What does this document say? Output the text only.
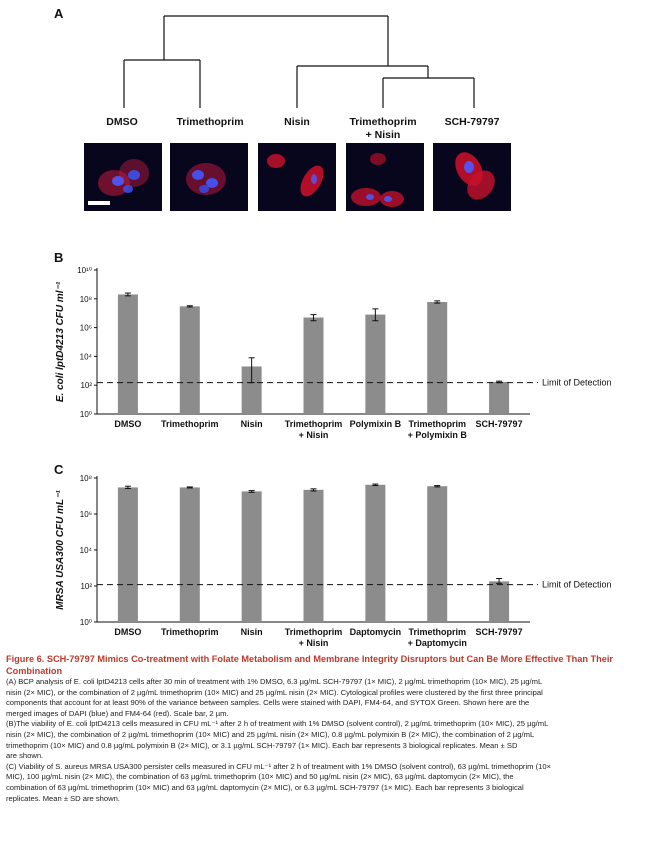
A
DMSO	Trimethoprim	Nisin	Trimethoprim
+ Nisin
SCH-79797
B
10⁰
10²
10⁴
10⁶
10⁸
10¹⁰
E. coli lptD4213 CFU ml⁻¹
DMSO Trimethoprim Nisin Trimethoprim
+ Nisin
Polymixin B Trimethoprim
+ Polymixin B
SCH-79797
Limit of Detection
C
10⁰
10²
10⁴
10⁶
10⁸
MRSA USA300 CFU mL⁻¹
DMSO Trimethoprim Nisin Trimethoprim
+ Nisin
Daptomycin Trimethoprim
+ Daptomycin
SCH-79797
Limit of Detection
Figure 6. SCH-79797 Mimics Co-treatment with Folate Metabolism and Membrane Integrity Disruptors but Can Be More Effective Than Their Combination
(A) BCP analysis of E. coli lptD4213 cells after 30 min of treatment with 1% DMSO, 6.3 µg/mL SCH-79797 (1× MIC), 2 µg/mL trimethoprim (10× MIC), 25 µg/mL
nisin (2× MIC), or the combination of 2 µg/mL trimethoprim (10× MIC) and 25 µg/mL nisin (2× MIC). Cytological profiles were clustered by the first three principal
components that account for at least 90% of the variance between samples. Cells were stained with DAPI, FM4-64, and SYTOX Green. Shown here are the
merged images of DAPI (blue) and FM4-64 (red). Scale bar, 2 µm.
(B)The viability of E. coli lptD4213 cells measured in CFU mL⁻¹ after 2 h of treatment with 1% DMSO (solvent control), 2 µg/mL trimethoprim (10× MIC), 25 µg/mL
nisin (2× MIC), the combination of 2 µg/mL trimethoprim (10× MIC) and 25 µg/mL nisin (2× MIC), 0.8 µg/mL polymixin B (2× MIC), the combination of 2 µg/mL
trimethoprim (10× MIC) and 0.8 µg/mL polymixin B (2× MIC), or 3.1 µg/mL SCH-79797 (1× MIC). Each bar represents 3 biological replicates. Mean ± SD
are shown.
(C) Viability of S. aureus MRSA USA300 persister cells measured in CFU mL⁻¹ after 2 h of treatment with 1% DMSO (solvent control), 63 µg/mL trimethoprim (10×
MIC), 100 µg/mL nisin (2× MIC), the combination of 63 µg/mL trimethoprim (10× MIC) and 50 µg/mL nisin (2× MIC), 63 µg/mL daptomycin (2× MIC), the
combination of 63 µg/mL trimethoprim (10× MIC) and 63 µg/mL daptomycin (2× MIC), or 6.3 µg/mL SCH-79797 (1× MIC). Each bar represents 3 biological
replicates. Mean ± SD are shown.
